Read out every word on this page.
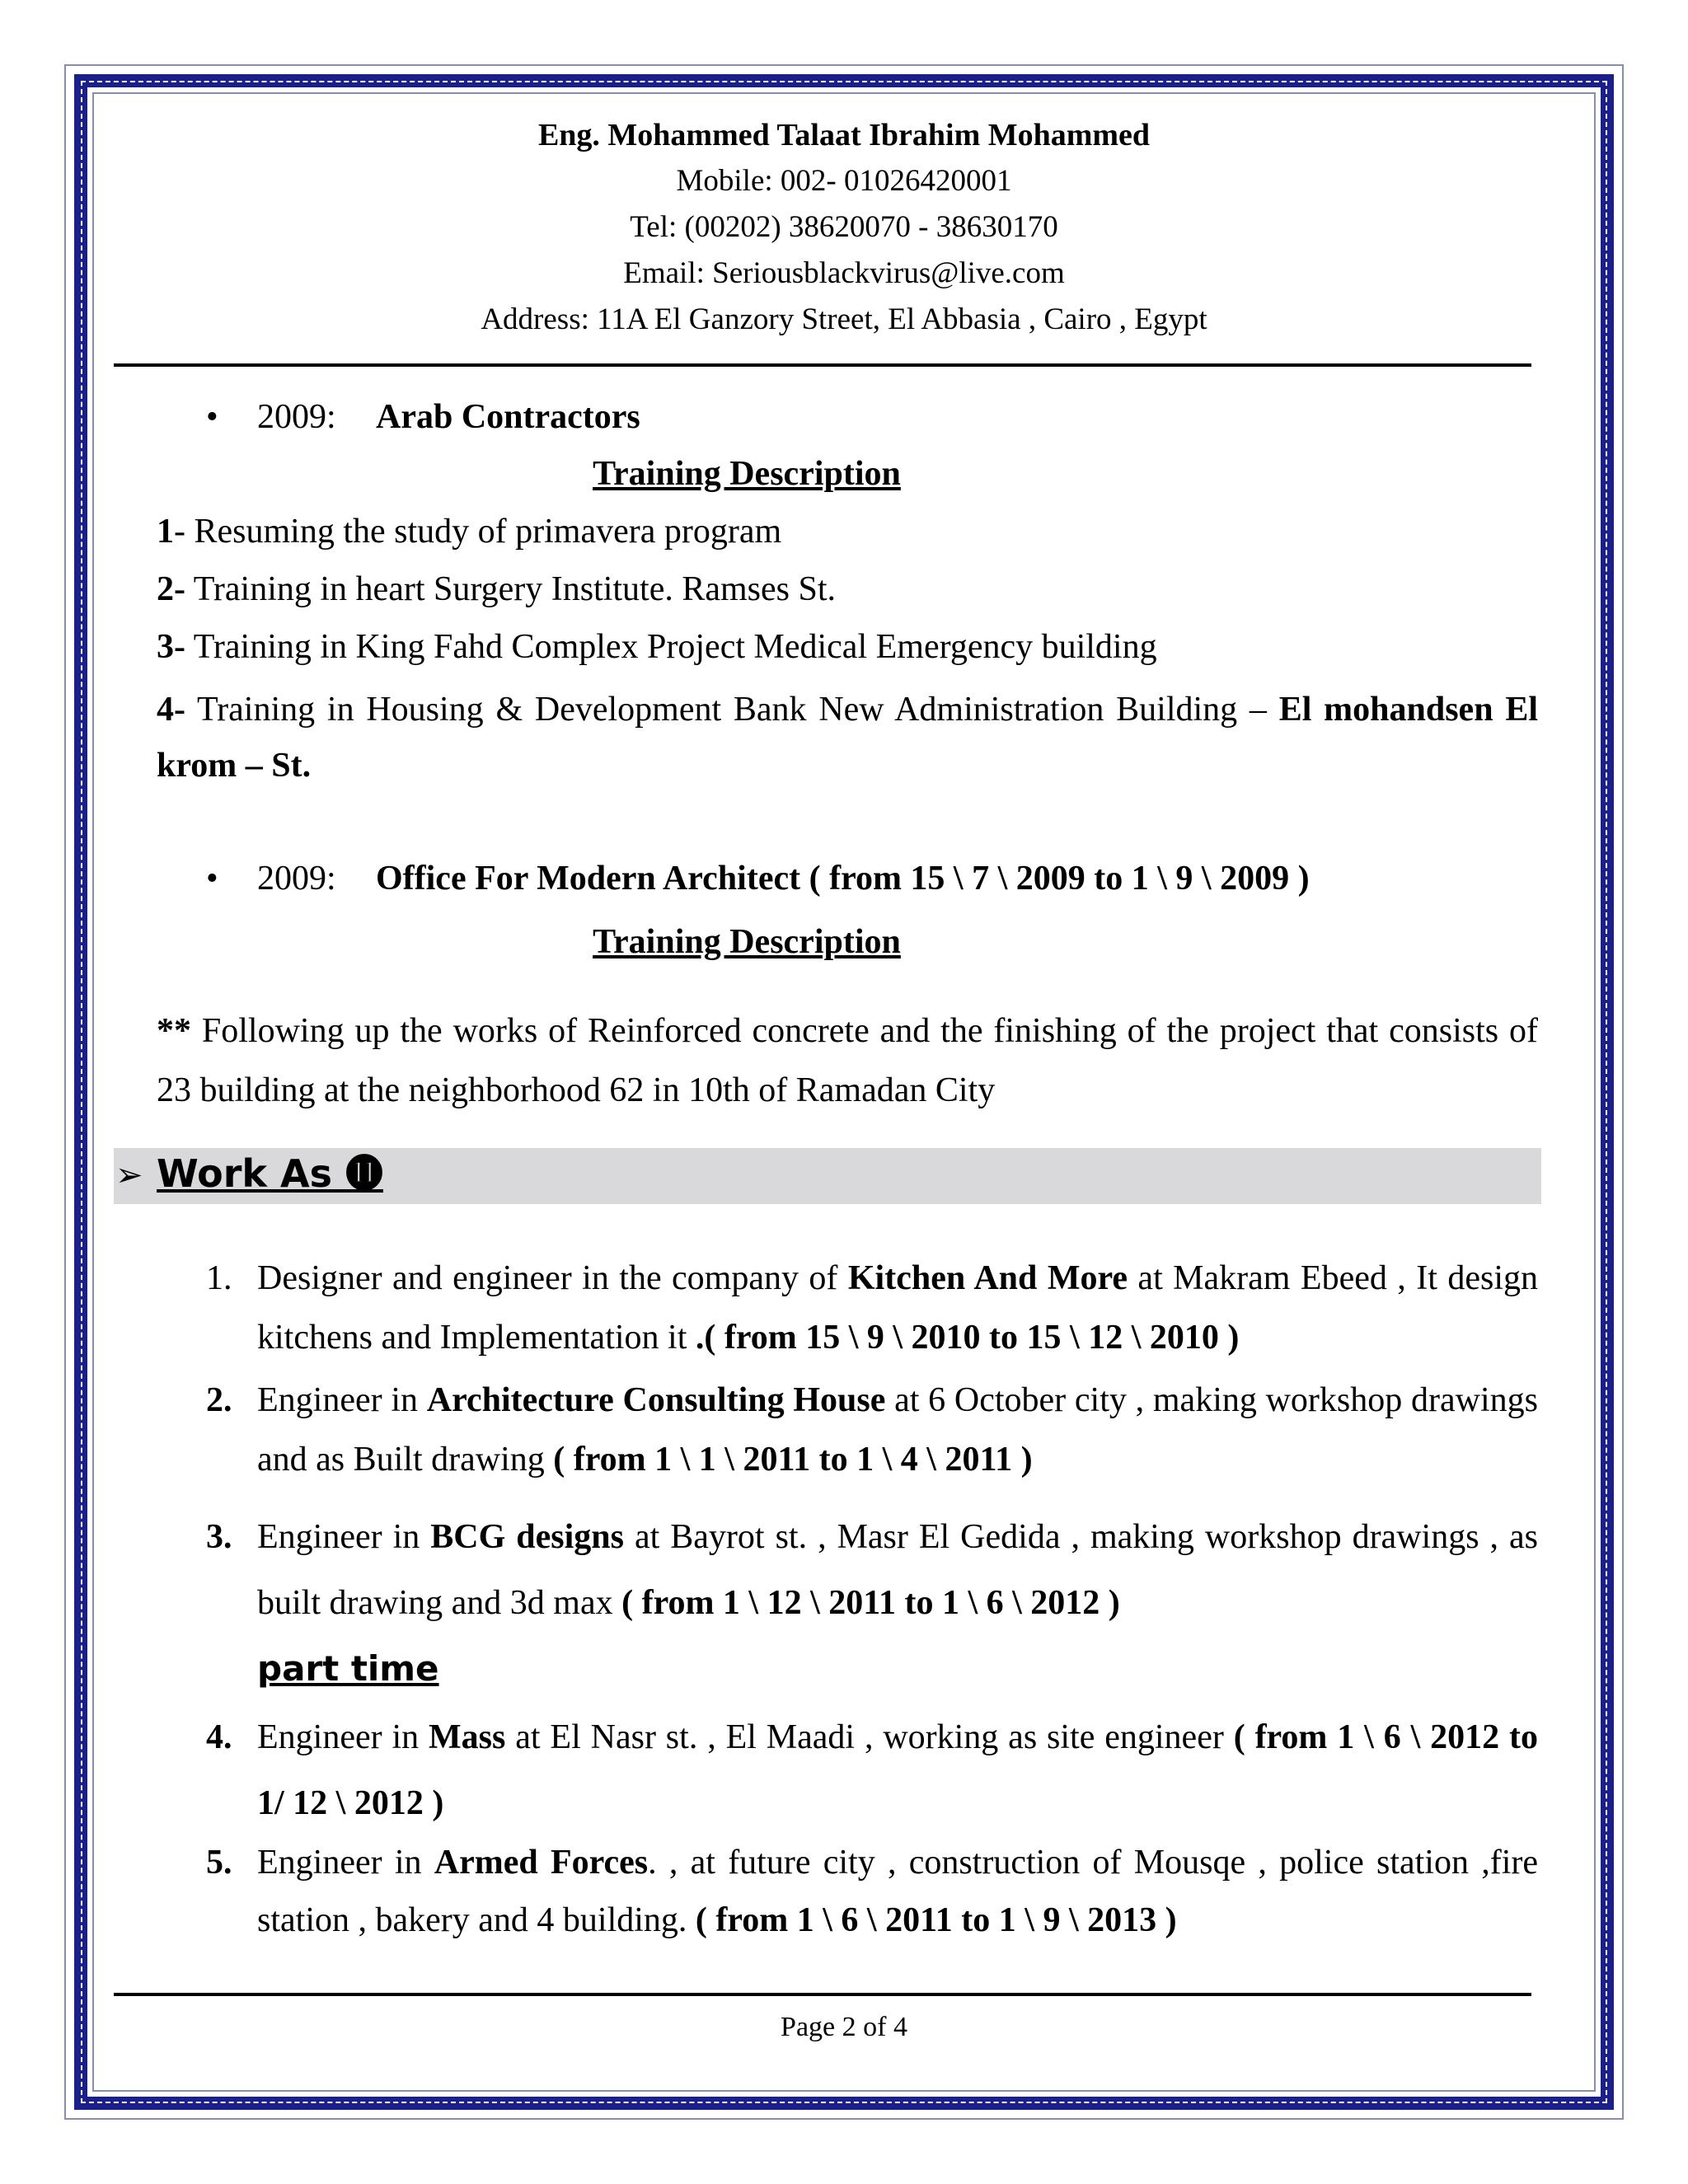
Eng. Mohammed Talaat Ibrahim Mohammed
Mobile: 002- 01026420001
Tel: (00202) 38620070 - 38630170
Email: Seriousblackvirus@live.com
Address: 11A El Ganzory Street, El Abbasia , Cairo , Egypt
• 2009: Arab Contractors
Training Description
1- Resuming the study of primavera program
2- Training in heart Surgery Institute. Ramses St.
3- Training in King Fahd Complex Project Medical Emergency building
4- Training in Housing & Development Bank New Administration Building – El mohandsen El krom – St.
• 2009: Office For Modern Architect ( from 15 \ 7 \ 2009 to 1 \ 9 \ 2009 )
Training Description
** Following up the works of Reinforced concrete and the finishing of the project that consists of 23 building at the neighborhood 62 in 10th of Ramadan City
➢ Work As ⓫
1. Designer and engineer in the company of Kitchen And More at Makram Ebeed , It design kitchens and Implementation it .( from 15 \ 9 \ 2010 to 15 \ 12 \ 2010 )
2. Engineer in Architecture Consulting House at 6 October city , making workshop drawings and as Built drawing ( from 1 \ 1 \ 2011 to 1 \ 4 \ 2011 )
3. Engineer in BCG designs at Bayrot st. , Masr El Gedida , making workshop drawings , as built drawing and 3d max ( from 1 \ 12 \ 2011 to 1 \ 6 \ 2012 )
part time
4. Engineer in Mass at El Nasr st. , El Maadi , working as site engineer ( from 1 \ 6 \ 2012 to 1/ 12 \ 2012 )
5. Engineer in Armed Forces. , at future city , construction of Mousqe , police station ,fire station , bakery and 4 building. ( from 1 \ 6 \ 2011 to 1 \ 9 \ 2013 )
Page 2 of 4
